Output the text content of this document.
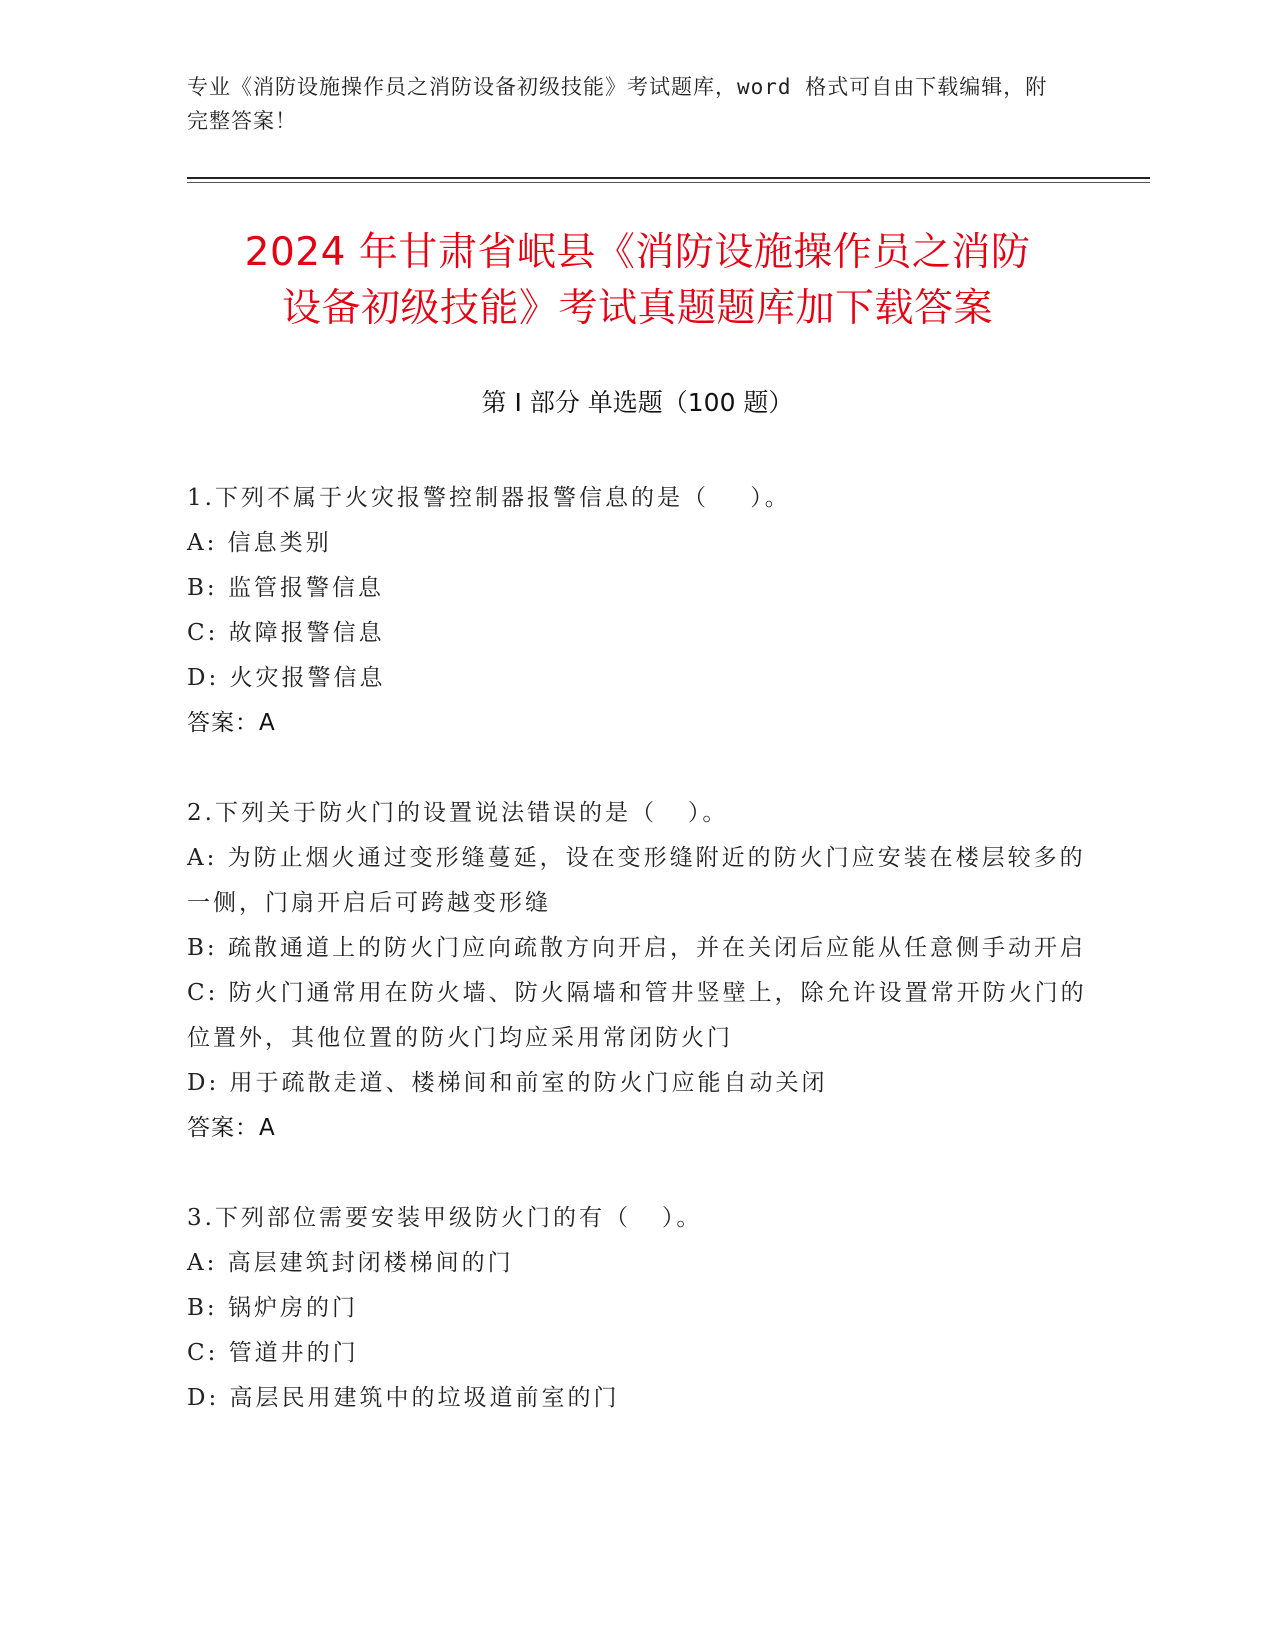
专业《消防设施操作员之消防设备初级技能》考试题库，word 格式可自由下载编辑，附完整答案！
2024 年甘肃省岷县《消防设施操作员之消防
设备初级技能》考试真题题库加下载答案
第 I 部分 单选题（100 题）
1.下列不属于火灾报警控制器报警信息的是（    ）。
A: 信息类别
B: 监管报警信息
C: 故障报警信息
D: 火灾报警信息
答案：A
2.下列关于防火门的设置说法错误的是（   ）。
A: 为防止烟火通过变形缝蔓延，设在变形缝附近的防火门应安装在楼层较多的一侧，门扇开启后可跨越变形缝
B: 疏散通道上的防火门应向疏散方向开启，并在关闭后应能从任意侧手动开启
C: 防火门通常用在防火墙、防火隔墙和管井竖壁上，除允许设置常开防火门的位置外，其他位置的防火门均应采用常闭防火门
D: 用于疏散走道、楼梯间和前室的防火门应能自动关闭
答案：A
3.下列部位需要安装甲级防火门的有（   ）。
A: 高层建筑封闭楼梯间的门
B: 锅炉房的门
C: 管道井的门
D: 高层民用建筑中的垃圾道前室的门
